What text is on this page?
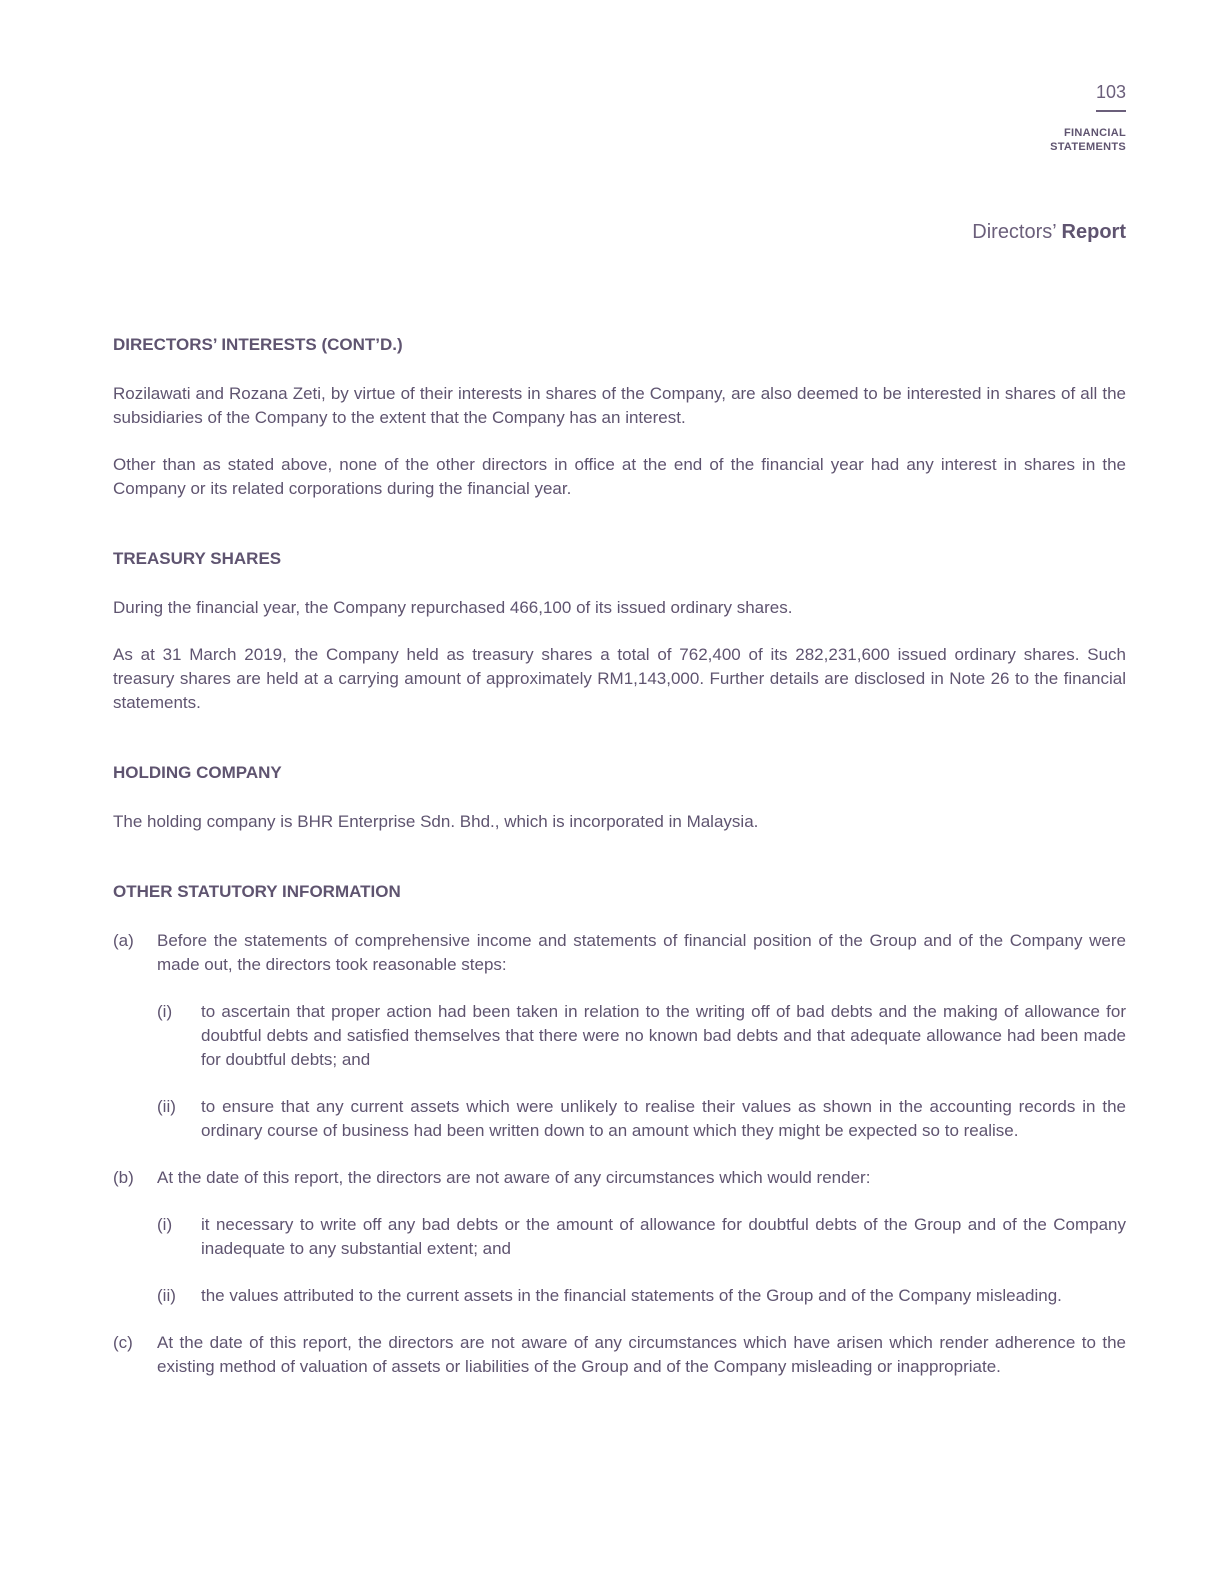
103
FINANCIAL
STATEMENTS
Directors’ Report
DIRECTORS’ INTERESTS (CONT’D.)

Rozilawati and Rozana Zeti, by virtue of their interests in shares of the Company, are also deemed to be interested in shares of all the subsidiaries of the Company to the extent that the Company has an interest.

Other than as stated above, none of the other directors in office at the end of the financial year had any interest in shares in the Company or its related corporations during the financial year.

TREASURY SHARES

During the financial year, the Company repurchased 466,100 of its issued ordinary shares.

As at 31 March 2019, the Company held as treasury shares a total of 762,400 of its 282,231,600 issued ordinary shares. Such treasury shares are held at a carrying amount of approximately RM1,143,000. Further details are disclosed in Note 26 to the financial statements.

HOLDING COMPANY

The holding company is BHR Enterprise Sdn. Bhd., which is incorporated in Malaysia.

OTHER STATUTORY INFORMATION
(a)	Before the statements of comprehensive income and statements of financial position of the Group and of the Company were made out, the directors took reasonable steps:
(i)	to ascertain that proper action had been taken in relation to the writing off of bad debts and the making of allowance for doubtful debts and satisfied themselves that there were no known bad debts and that adequate allowance had been made for doubtful debts; and
(ii)	to ensure that any current assets which were unlikely to realise their values as shown in the accounting records in the ordinary course of business had been written down to an amount which they might be expected so to realise.
(b)	At the date of this report, the directors are not aware of any circumstances which would render:
(i)	it necessary to write off any bad debts or the amount of allowance for doubtful debts of the Group and of the Company inadequate to any substantial extent; and
(ii)	the values attributed to the current assets in the financial statements of the Group and of the Company misleading.
(c)	At the date of this report, the directors are not aware of any circumstances which have arisen which render adherence to the existing method of valuation of assets or liabilities of the Group and of the Company misleading or inappropriate.
